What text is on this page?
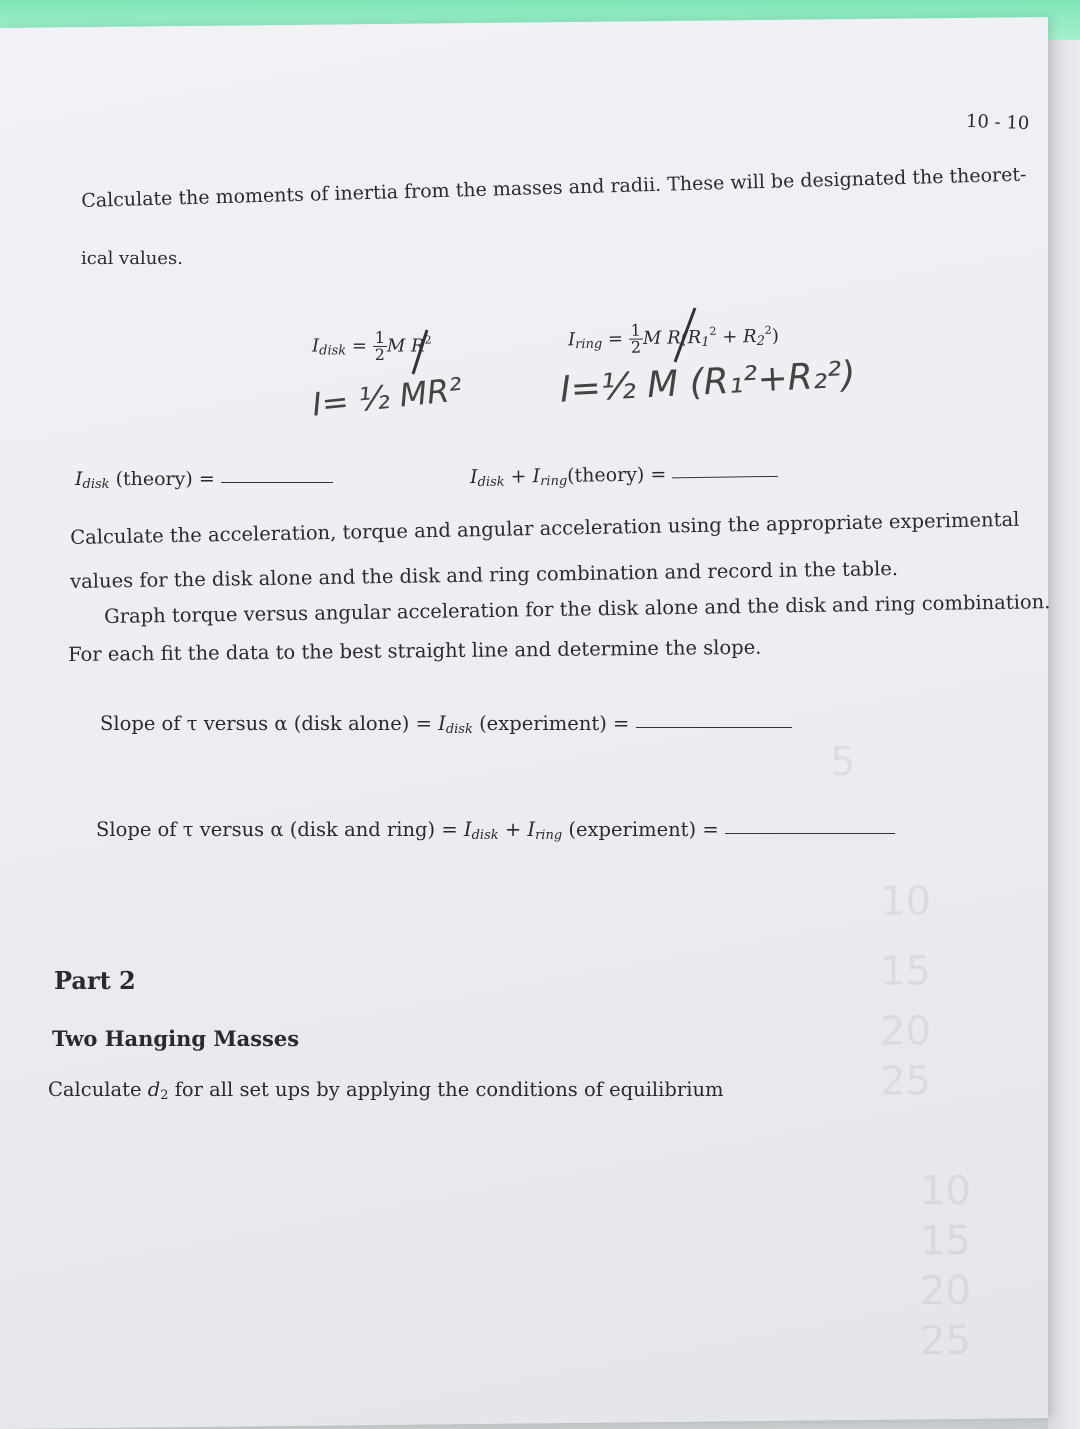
5
10
15
20
25
10
15
20
25
10 - 10
Calculate the moments of inertia from the masses and radii. These will be designated the theoret-
ical values.
$I_{disk} = \frac{1}{2}$ M $R^2$	$I_{ring} = \frac{1}{2}$ M $R(R_1^2 + R_2^2)$
I= ½ MR²	I=½ M (R₁²+R₂²)
$I_{disk}$ (theory) =	$I_{disk}$ + $I_{ring}(theory)$ =
Calculate the acceleration, torque and angular acceleration using the appropriate experimental
values for the disk alone and the disk and ring combination and record in the table.
Graph torque versus angular acceleration for the disk alone and the disk and ring combination.
For each fit the data to the best straight line and determine the slope.
Slope of τ versus α (disk alone) = $I_{disk}$ (experiment) =
Slope of τ versus α (disk and ring) = $I_{disk} + I_{ring}$ (experiment) =
Part 2
Two Hanging Masses
Calculate $d_2$ for all set ups by applying the conditions of equilibrium
